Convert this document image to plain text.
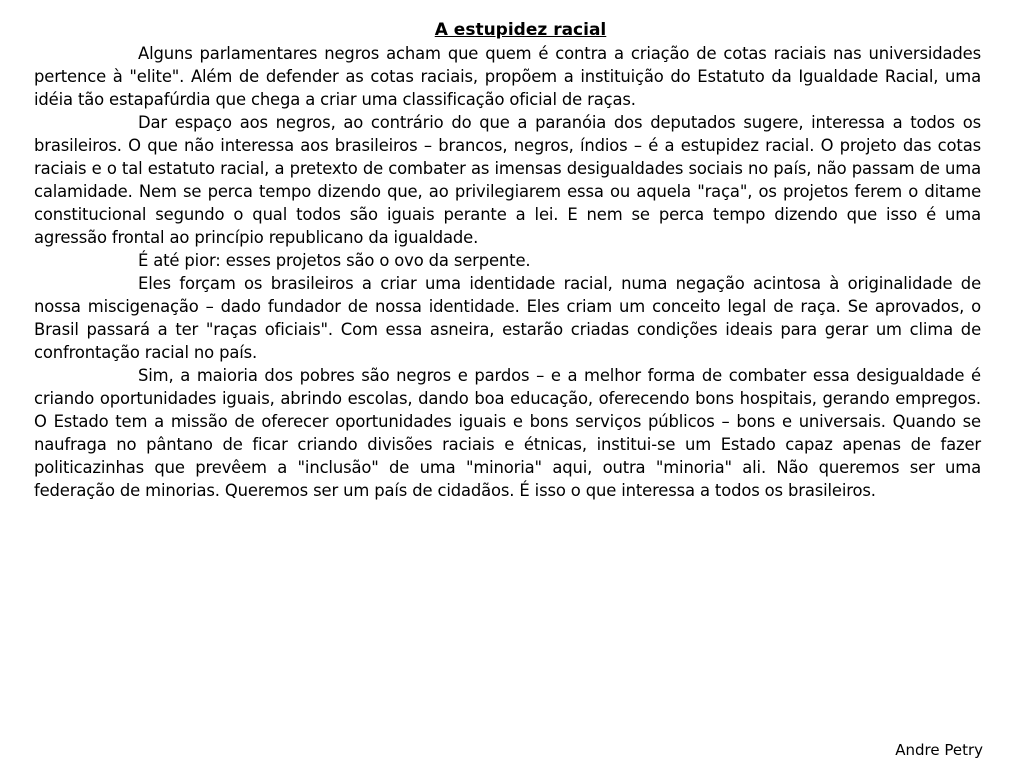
A estupidez racial

Alguns parlamentares negros acham que quem é contra a criação de cotas raciais nas universidades pertence à "elite". Além de defender as cotas raciais, propõem a instituição do Estatuto da Igualdade Racial, uma idéia tão estapafúrdia que chega a criar uma classificação oficial de raças.

Dar espaço aos negros, ao contrário do que a paranóia dos deputados sugere, interessa a todos os brasileiros. O que não interessa aos brasileiros – brancos, negros, índios – é a estupidez racial. O projeto das cotas raciais e o tal estatuto racial, a pretexto de combater as imensas desigualdades sociais no país, não passam de uma calamidade. Nem se perca tempo dizendo que, ao privilegiarem essa ou aquela "raça", os projetos ferem o ditame constitucional segundo o qual todos são iguais perante a lei. E nem se perca tempo dizendo que isso é uma agressão frontal ao princípio republicano da igualdade.

É até pior: esses projetos são o ovo da serpente.

Eles forçam os brasileiros a criar uma identidade racial, numa negação acintosa à originalidade de nossa miscigenação – dado fundador de nossa identidade. Eles criam um conceito legal de raça. Se aprovados, o Brasil passará a ter "raças oficiais". Com essa asneira, estarão criadas condições ideais para gerar um clima de confrontação racial no país.

Sim, a maioria dos pobres são negros e pardos – e a melhor forma de combater essa desigualdade é criando oportunidades iguais, abrindo escolas, dando boa educação, oferecendo bons hospitais, gerando empregos. O Estado tem a missão de oferecer oportunidades iguais e bons serviços públicos – bons e universais. Quando se naufraga no pântano de ficar criando divisões raciais e étnicas, institui-se um Estado capaz apenas de fazer politicazinhas que prevêem a "inclusão" de uma "minoria" aqui, outra "minoria" ali. Não queremos ser uma federação de minorias. Queremos ser um país de cidadãos. É isso o que interessa a todos os brasileiros.

Andre Petry
